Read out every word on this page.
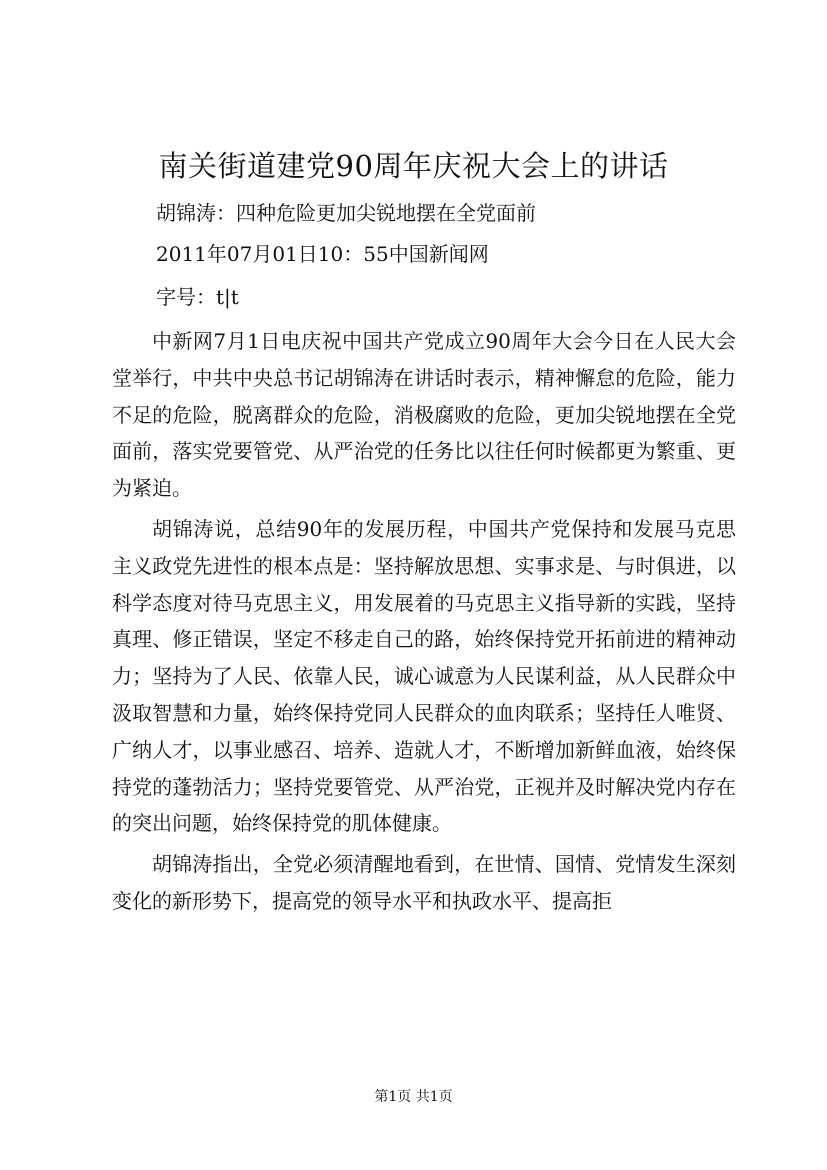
南关街道建党90周年庆祝大会上的讲话

胡锦涛：四种危险更加尖锐地摆在全党面前

2011年07月01日10：55中国新闻网

字号：t|t

中新网7月1日电庆祝中国共产党成立90周年大会今日在人民大会堂举行，中共中央总书记胡锦涛在讲话时表示，精神懈怠的危险，能力不足的危险，脱离群众的危险，消极腐败的危险，更加尖锐地摆在全党面前，落实党要管党、从严治党的任务比以往任何时候都更为繁重、更为紧迫。

胡锦涛说，总结90年的发展历程，中国共产党保持和发展马克思主义政党先进性的根本点是：坚持解放思想、实事求是、与时俱进，以科学态度对待马克思主义，用发展着的马克思主义指导新的实践，坚持真理、修正错误，坚定不移走自己的路，始终保持党开拓前进的精神动力；坚持为了人民、依靠人民，诚心诚意为人民谋利益，从人民群众中汲取智慧和力量，始终保持党同人民群众的血肉联系；坚持任人唯贤、广纳人才，以事业感召、培养、造就人才，不断增加新鲜血液，始终保持党的蓬勃活力；坚持党要管党、从严治党，正视并及时解决党内存在的突出问题，始终保持党的肌体健康。

胡锦涛指出，全党必须清醒地看到，在世情、国情、党情发生深刻变化的新形势下，提高党的领导水平和执政水平、提高拒

第1页 共1页
